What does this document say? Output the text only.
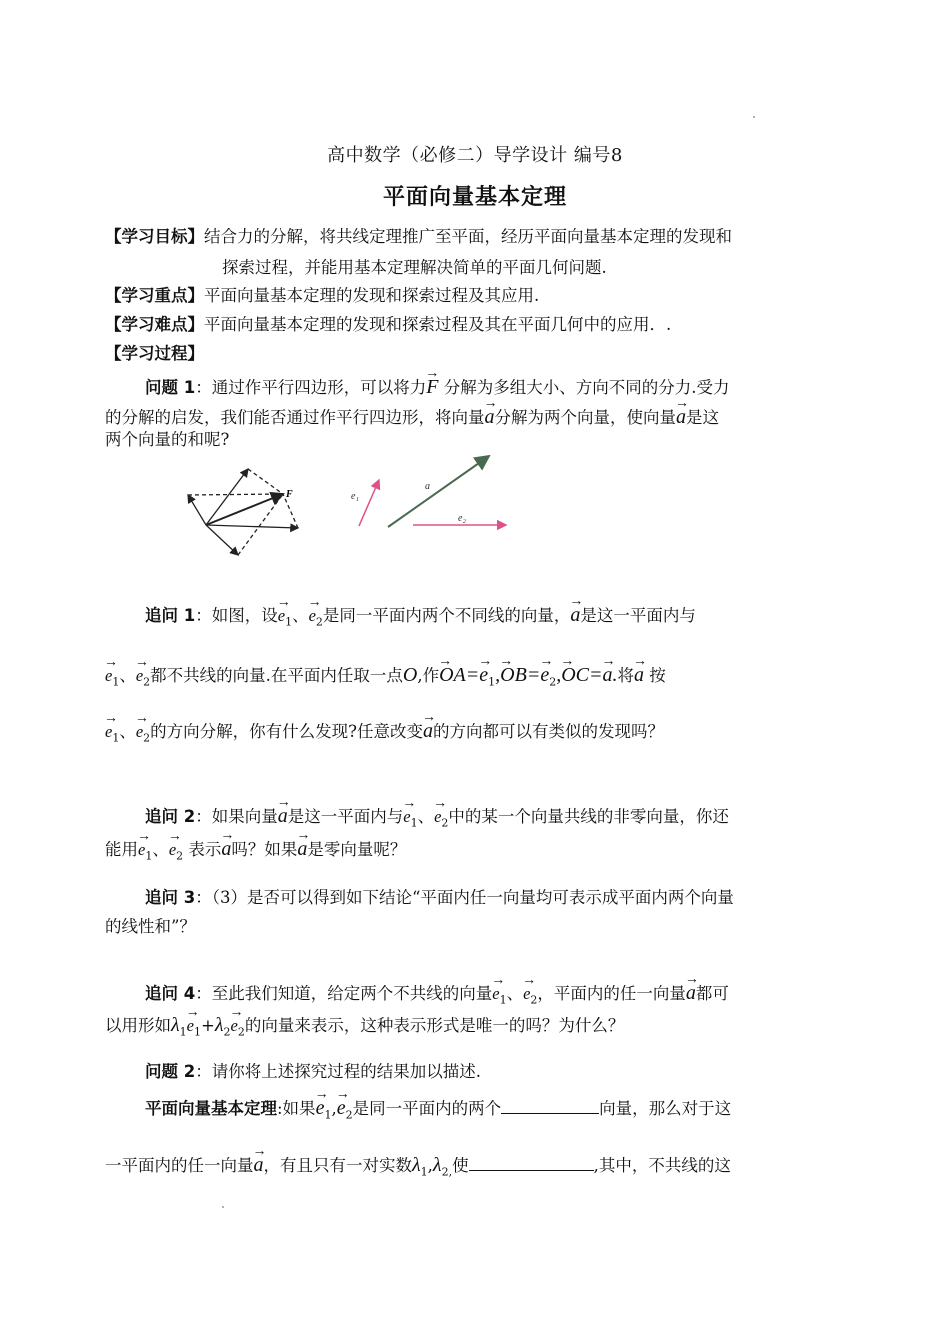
高中数学（必修二）导学设计 编号8
平面向量基本定理
【学习目标】结合力的分解，将共线定理推广至平面，经历平面向量基本定理的发现和
探索过程，并能用基本定理解决简单的平面几何问题.
【学习重点】平面向量基本定理的发现和探索过程及其应用.
【学习难点】平面向量基本定理的发现和探索过程及其在平面几何中的应用．.
【学习过程】
问题 1：通过作平行四边形，可以将力→ F 分解为多组大小、方向不同的分力.受力
的分解的启发，我们能否通过作平行四边形，将向量→ a分解为两个向量，使向量→ a是这
两个向量的和呢?
F	e₁
a
e₂
追问 1：如图，设→ $e_1$、→ $e_2$是同一平面内两个不同线的向量，→ a是这一平面内与
→ $e_1$、→ $e_2$都不共线的向量.在平面内任取一点O,作→ $OA=\to e_1,\to OB=\to e_2,\to OC=\to a$.将→ a 按
→ $e_1$、→ $e_2$的方向分解，你有什么发现?任意改变→ a的方向都可以有类似的发现吗？
追问 2：如果向量→ a是这一平面内与→ $e_1$、→ $e_2$中的某一个向量共线的非零向量，你还
能用→ $e_1$、→ $e_2$ 表示→ a吗？如果→ a是零向量呢？
追问 3：（3）是否可以得到如下结论“平面内任一向量均可表示成平面内两个向量
的线性和”？
追问 4：至此我们知道，给定两个不共线的向量→ $e_1$、→ $e_2$，平面内的任一向量→ a都可
以用形如$\lambda_1\to e_1+\lambda_2\to e_2$的向量来表示，这种表示形式是唯一的吗？为什么？
问题 2：请你将上述探究过程的结果加以描述.
平面向量基本定理:如果→ $e_1,\to e_2$是同一平面内的两个	向量，那么对于这
一平面内的任一向量→ a，有且只有一对实数$\lambda_1,\lambda_{2,}$使	,其中，不共线的这
